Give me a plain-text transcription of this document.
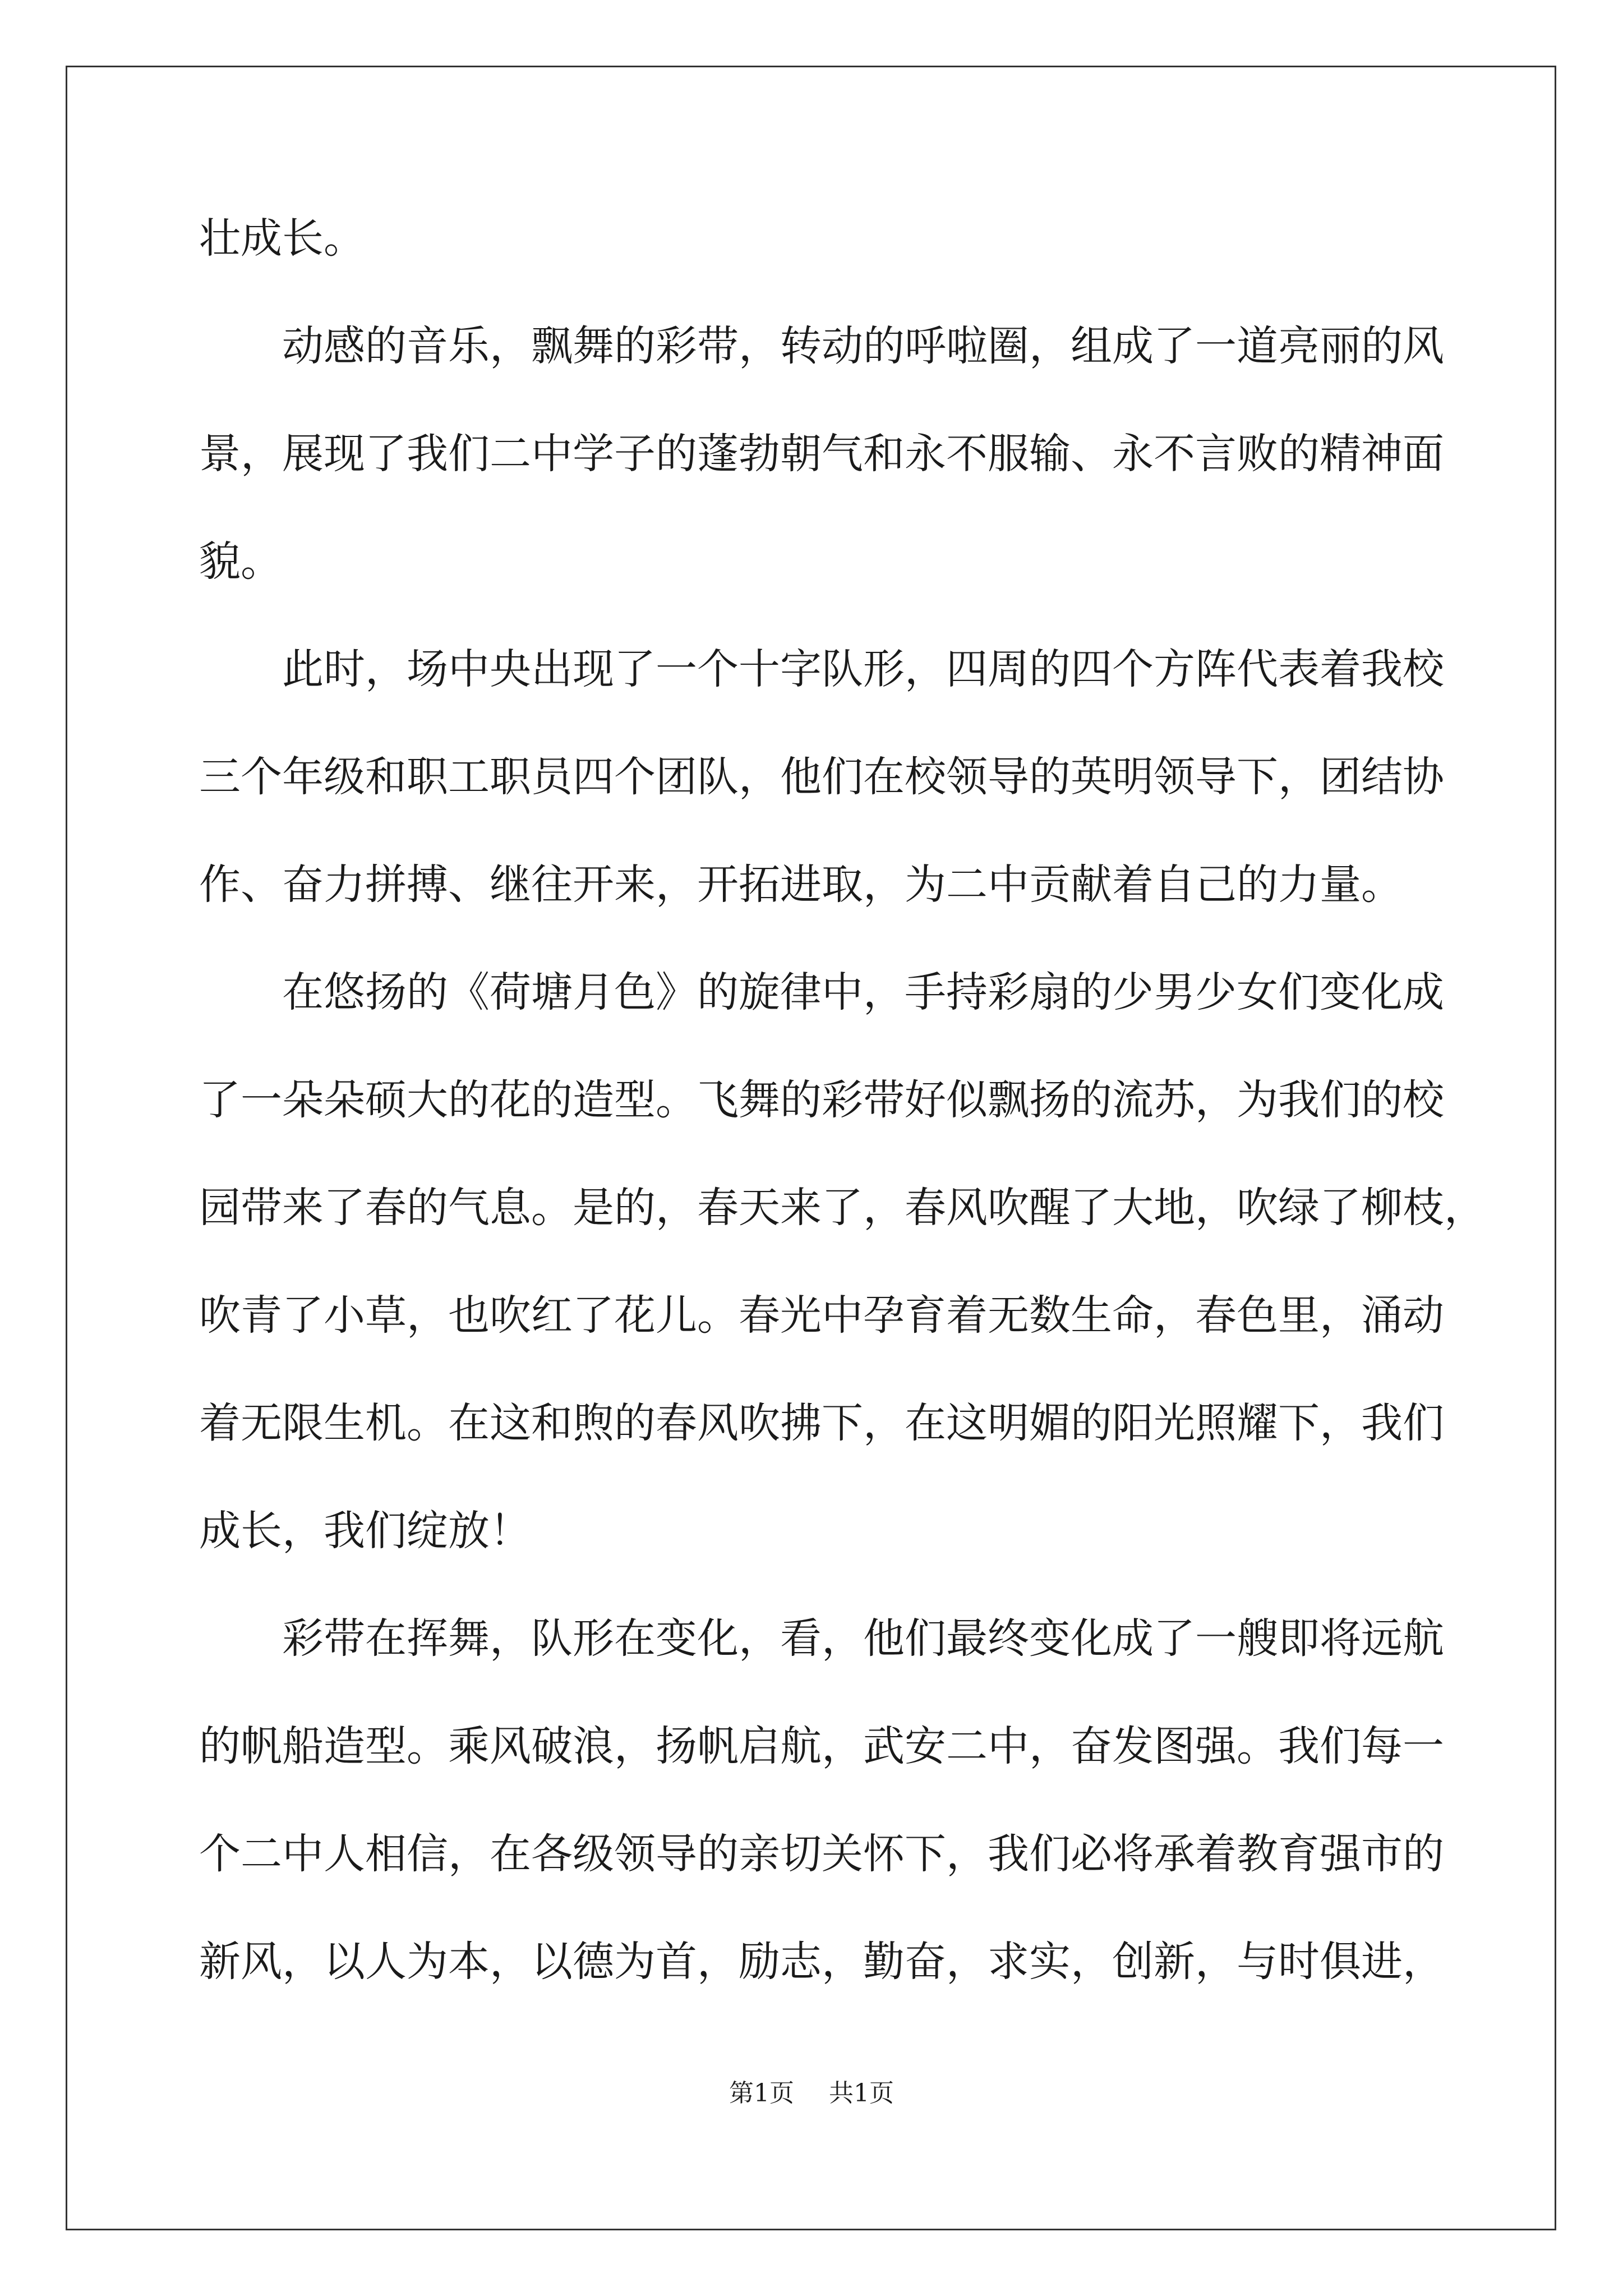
壮成长。
　　动感的音乐，飘舞的彩带，转动的呼啦圈，组成了一道亮丽的风
景，展现了我们二中学子的蓬勃朝气和永不服输、永不言败的精神面
貌。
　　此时，场中央出现了一个十字队形，四周的四个方阵代表着我校
三个年级和职工职员四个团队，他们在校领导的英明领导下，团结协
作、奋力拼搏、继往开来，开拓进取，为二中贡献着自己的力量。
　　在悠扬的《荷塘月色》的旋律中，手持彩扇的少男少女们变化成
了一朵朵硕大的花的造型。飞舞的彩带好似飘扬的流苏，为我们的校
园带来了春的气息。是的，春天来了，春风吹醒了大地，吹绿了柳枝，
吹青了小草，也吹红了花儿。春光中孕育着无数生命，春色里，涌动
着无限生机。在这和煦的春风吹拂下，在这明媚的阳光照耀下，我们
成长，我们绽放！
　　彩带在挥舞，队形在变化，看，他们最终变化成了一艘即将远航
的帆船造型。乘风破浪，扬帆启航，武安二中，奋发图强。我们每一
个二中人相信，在各级领导的亲切关怀下，我们必将承着教育强市的
新风，以人为本，以德为首，励志，勤奋，求实，创新，与时俱进，
第1页 共1页
